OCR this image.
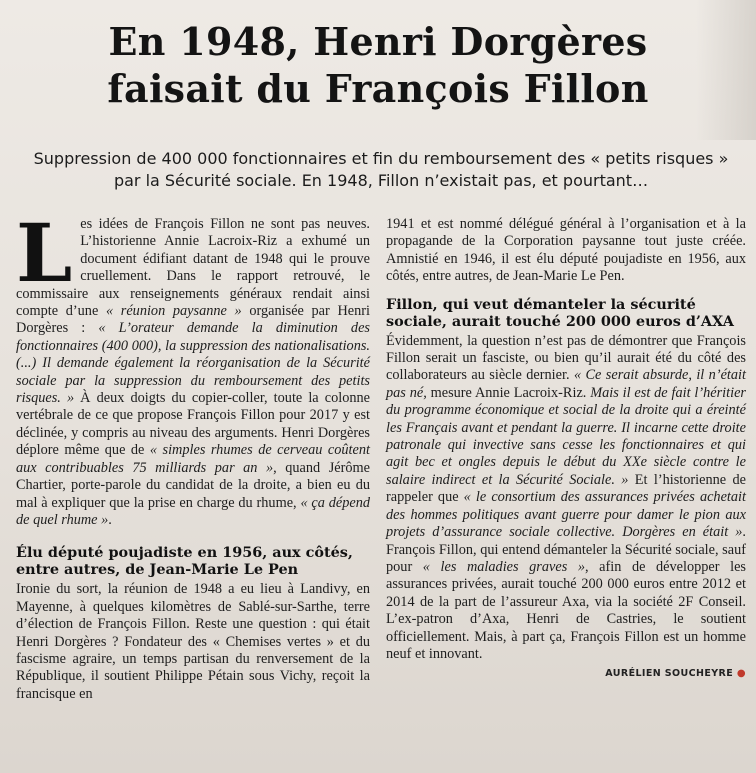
En 1948, Henri Dorgères
faisait du François Fillon
Suppression de 400 000 fonctionnaires et fin du remboursement des « petits risques » par la Sécurité sociale. En 1948, Fillon n’existait pas, et pourtant…

Les idées de François Fillon ne sont pas neuves. L’historienne Annie Lacroix-Riz a exhumé un document édifiant datant de 1948 qui le prouve cruellement. Dans le rapport retrouvé, le commissaire aux renseignements généraux rendait ainsi compte d’une « réunion paysanne » organisée par Henri Dorgères : « L’orateur demande la diminution des fonctionnaires (400 000), la suppression des nationalisations. (...) Il demande également la réorganisation de la Sécurité sociale par la suppression du remboursement des petits risques. » À deux doigts du copier-coller, toute la colonne vertébrale de ce que propose François Fillon pour 2017 y est déclinée, y compris au niveau des arguments. Henri Dorgères déplore même que de « simples rhumes de cerveau coûtent aux contribuables 75 milliards par an », quand Jérôme Chartier, porte-parole du candidat de la droite, a bien eu du mal à expliquer que la prise en charge du rhume, « ça dépend de quel rhume ».

Élu député poujadiste en 1956, aux côtés, entre autres, de Jean-Marie Le Pen

Ironie du sort, la réunion de 1948 a eu lieu à Landivy, en Mayenne, à quelques kilomètres de Sablé-sur-Sarthe, terre d’élection de François Fillon. Reste une question : qui était Henri Dorgères ? Fondateur des « Chemises vertes » et du fascisme agraire, un temps partisan du renversement de la République, il soutient Philippe Pétain sous Vichy, reçoit la francisque en

1941 et est nommé délégué général à l’organisation et à la propagande de la Corporation paysanne tout juste créée. Amnistié en 1946, il est élu député poujadiste en 1956, aux côtés, entre autres, de Jean-Marie Le Pen.

Fillon, qui veut démanteler la sécurité sociale, aurait touché 200 000 euros d’AXA

Évidemment, la question n’est pas de démontrer que François Fillon serait un fasciste, ou bien qu’il aurait été du côté des collaborateurs au siècle dernier. « Ce serait absurde, il n’était pas né, mesure Annie Lacroix-Riz. Mais il est de fait l’héritier du programme économique et social de la droite qui a éreinté les Français avant et pendant la guerre. Il incarne cette droite patronale qui invective sans cesse les fonctionnaires et qui agit bec et ongles depuis le début du XXe siècle contre le salaire indirect et la Sécurité Sociale. » Et l’historienne de rappeler que « le consortium des assurances privées achetait des hommes politiques avant guerre pour damer le pion aux projets d’assurance sociale collective. Dorgères en était ». François Fillon, qui entend démanteler la Sécurité sociale, sauf pour « les maladies graves », afin de développer les assurances privées, aurait touché 200 000 euros entre 2012 et 2014 de la part de l’assureur Axa, via la société 2F Conseil. L’ex-patron d’Axa, Henri de Castries, le soutient officiellement. Mais, à part ça, François Fillon est un homme neuf et innovant.

AURÉLIEN SOUCHEYRE ●
